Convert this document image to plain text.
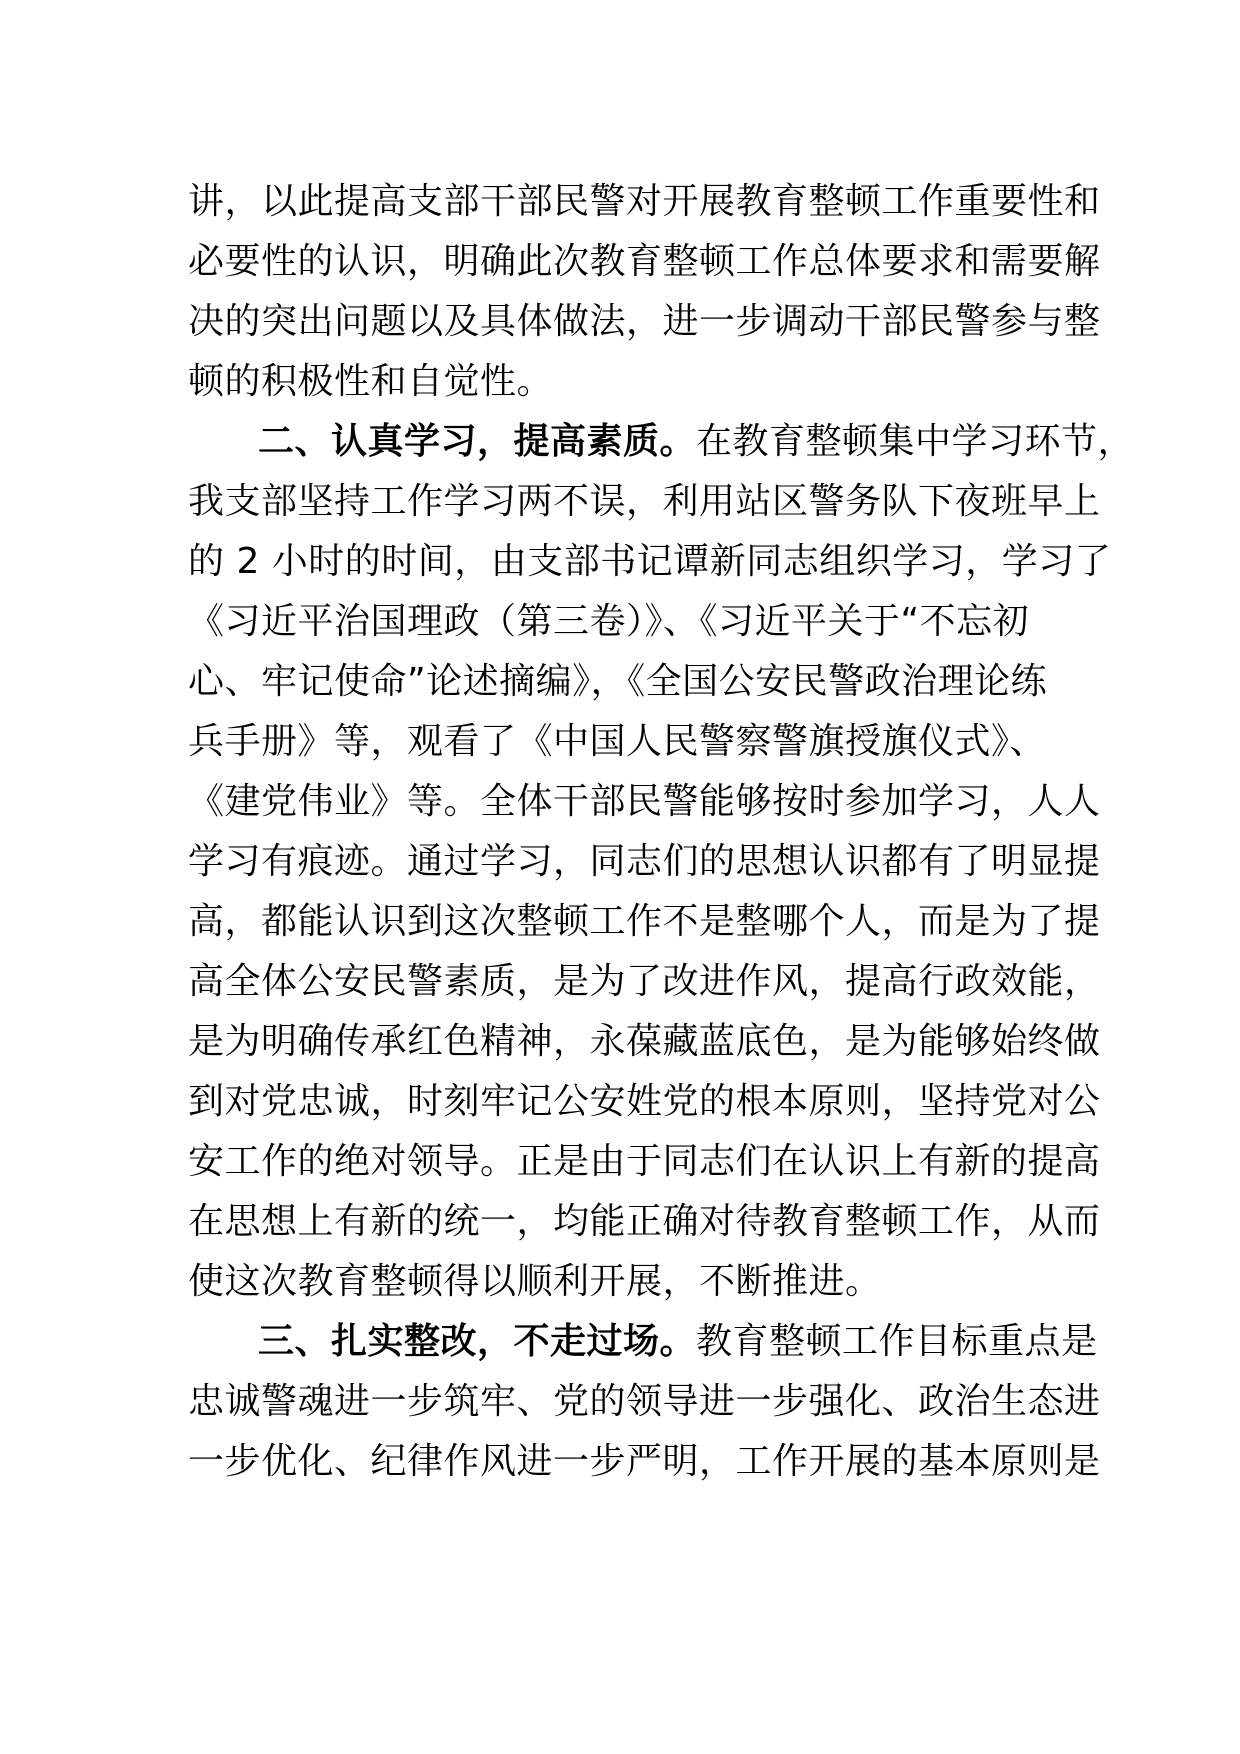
讲，以此提高支部干部民警对开展教育整顿工作重要性和
必要性的认识，明确此次教育整顿工作总体要求和需要解
决的突出问题以及具体做法，进一步调动干部民警参与整
顿的积极性和自觉性。
二、认真学习，提高素质。在教育整顿集中学习环节，
我支部坚持工作学习两不误，利用站区警务队下夜班早上
的 2 小时的时间，由支部书记谭新同志组织学习，学习了
《习近平治国理政（第三卷）》、《习近平关于“不忘初
心、牢记使命”论述摘编》，《全国公安民警政治理论练
兵手册》等，观看了《中国人民警察警旗授旗仪式》、
《建党伟业》等。全体干部民警能够按时参加学习，人人
学习有痕迹。通过学习，同志们的思想认识都有了明显提
高，都能认识到这次整顿工作不是整哪个人，而是为了提
高全体公安民警素质，是为了改进作风，提高行政效能，
是为明确传承红色精神，永葆藏蓝底色，是为能够始终做
到对党忠诚，时刻牢记公安姓党的根本原则，坚持党对公
安工作的绝对领导。正是由于同志们在认识上有新的提高
在思想上有新的统一，均能正确对待教育整顿工作，从而
使这次教育整顿得以顺利开展，不断推进。
三、扎实整改，不走过场。教育整顿工作目标重点是
忠诚警魂进一步筑牢、党的领导进一步强化、政治生态进
一步优化、纪律作风进一步严明，工作开展的基本原则是
